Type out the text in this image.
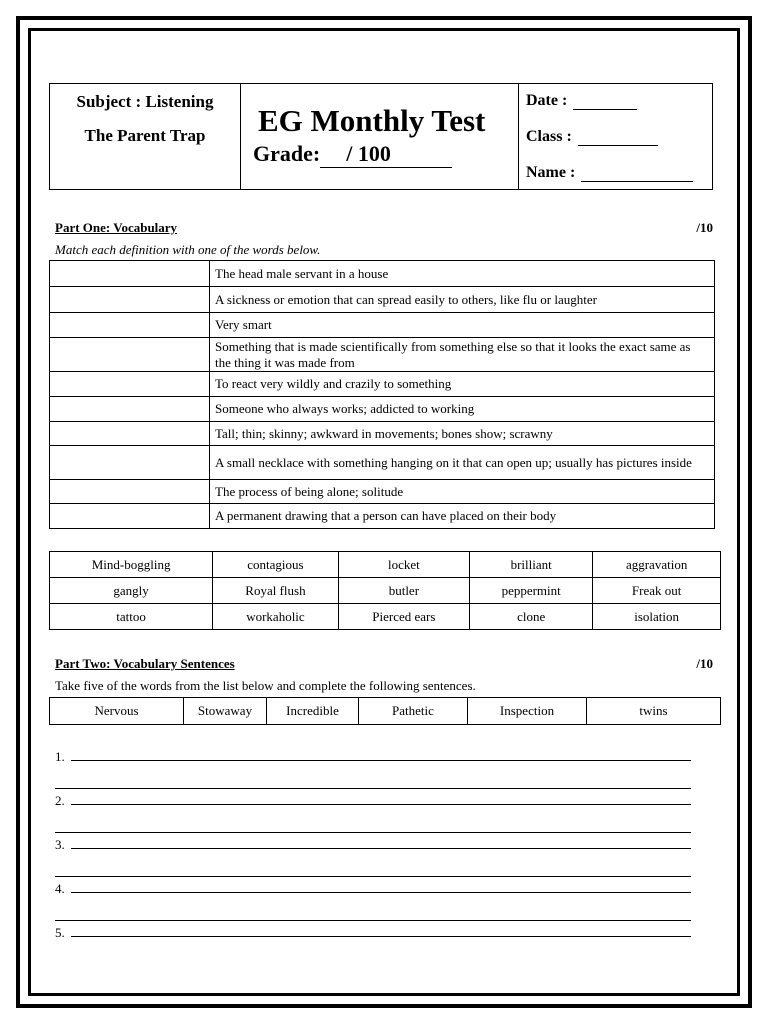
Subject : Listening
The Parent Trap	EG Monthly Test
Grade:	/ 100
Date :
Class :
Name :
Part One: Vocabulary	/10
Match each definition with one of the words below.
	The head male servant in a house
	A sickness or emotion that can spread easily to others, like flu or laughter
	Very smart
	Something that is made scientifically from something else so that it looks the exact same as the thing it was made from
	To react very wildly and crazily to something
	Someone who always works; addicted to working
	Tall; thin; skinny; awkward in movements; bones show; scrawny
	A small necklace with something hanging on it that can open up; usually has pictures inside
	The process of being alone; solitude
	A permanent drawing that a person can have placed on their body
Mind-boggling	contagious	locket	brilliant	aggravation
gangly	Royal flush	butler	peppermint	Freak out
tattoo	workaholic	Pierced ears	clone	isolation
Part Two: Vocabulary Sentences	/10
Take five of the words from the list below and complete the following sentences.
Nervous	Stowaway	Incredible	Pathetic	Inspection	twins
1.
2.
3.
4.
5.
